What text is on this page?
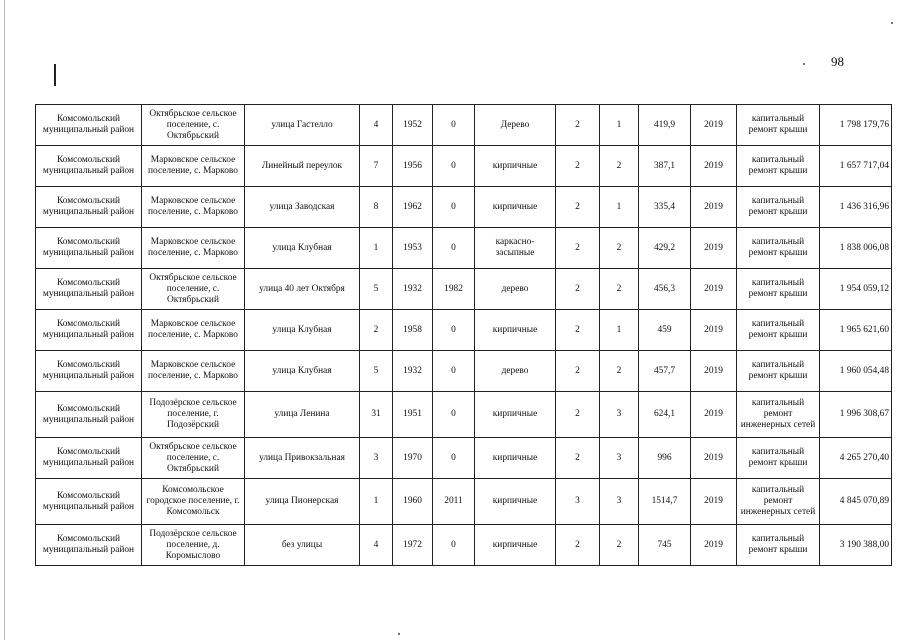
98
Комсомольский муниципальный район	Октябрьское сельское поселение, с. Октябрьский	улица Гастелло	4	1952	0	Дерево	2	1	419,9	2019	капитальный ремонт крыши	1 798 179,76
Комсомольский муниципальный район	Марковское сельское поселение, с. Марково	Линейный переулок	7	1956	0	кирпичные	2	2	387,1	2019	капитальный ремонт крыши	1 657 717,04
Комсомольский муниципальный район	Марковское сельское поселение, с. Марково	улица Заводская	8	1962	0	кирпичные	2	1	335,4	2019	капитальный ремонт крыши	1 436 316,96
Комсомольский муниципальный район	Марковское сельское поселение, с. Марково	улица Клубная	1	1953	0	каркасно-засыпные	2	2	429,2	2019	капитальный ремонт крыши	1 838 006,08
Комсомольский муниципальный район	Октябрьское сельское поселение, с. Октябрьский	улица 40 лет Октября	5	1932	1982	дерево	2	2	456,3	2019	капитальный ремонт крыши	1 954 059,12
Комсомольский муниципальный район	Марковское сельское поселение, с. Марково	улица Клубная	2	1958	0	кирпичные	2	1	459	2019	капитальный ремонт крыши	1 965 621,60
Комсомольский муниципальный район	Марковское сельское поселение, с. Марково	улица Клубная	5	1932	0	дерево	2	2	457,7	2019	капитальный ремонт крыши	1 960 054,48
Комсомольский муниципальный район	Подозёрское сельское поселение, г. Подозёрский	улица Ленина	31	1951	0	кирпичные	2	3	624,1	2019	капитальный ремонт инженерных сетей	1 996 308,67
Комсомольский муниципальный район	Октябрьское сельское поселение, с. Октябрьский	улица Привокзальная	3	1970	0	кирпичные	2	3	996	2019	капитальный ремонт крыши	4 265 270,40
Комсомольский муниципальный район	Комсомольское городское поселение, г. Комсомольск	улица Пионерская	1	1960	2011	кирпичные	3	3	1514,7	2019	капитальный ремонт инженерных сетей	4 845 070,89
Комсомольский муниципальный район	Подозёрское сельское поселение, д. Коромыслово	без улицы	4	1972	0	кирпичные	2	2	745	2019	капитальный ремонт крыши	3 190 388,00
